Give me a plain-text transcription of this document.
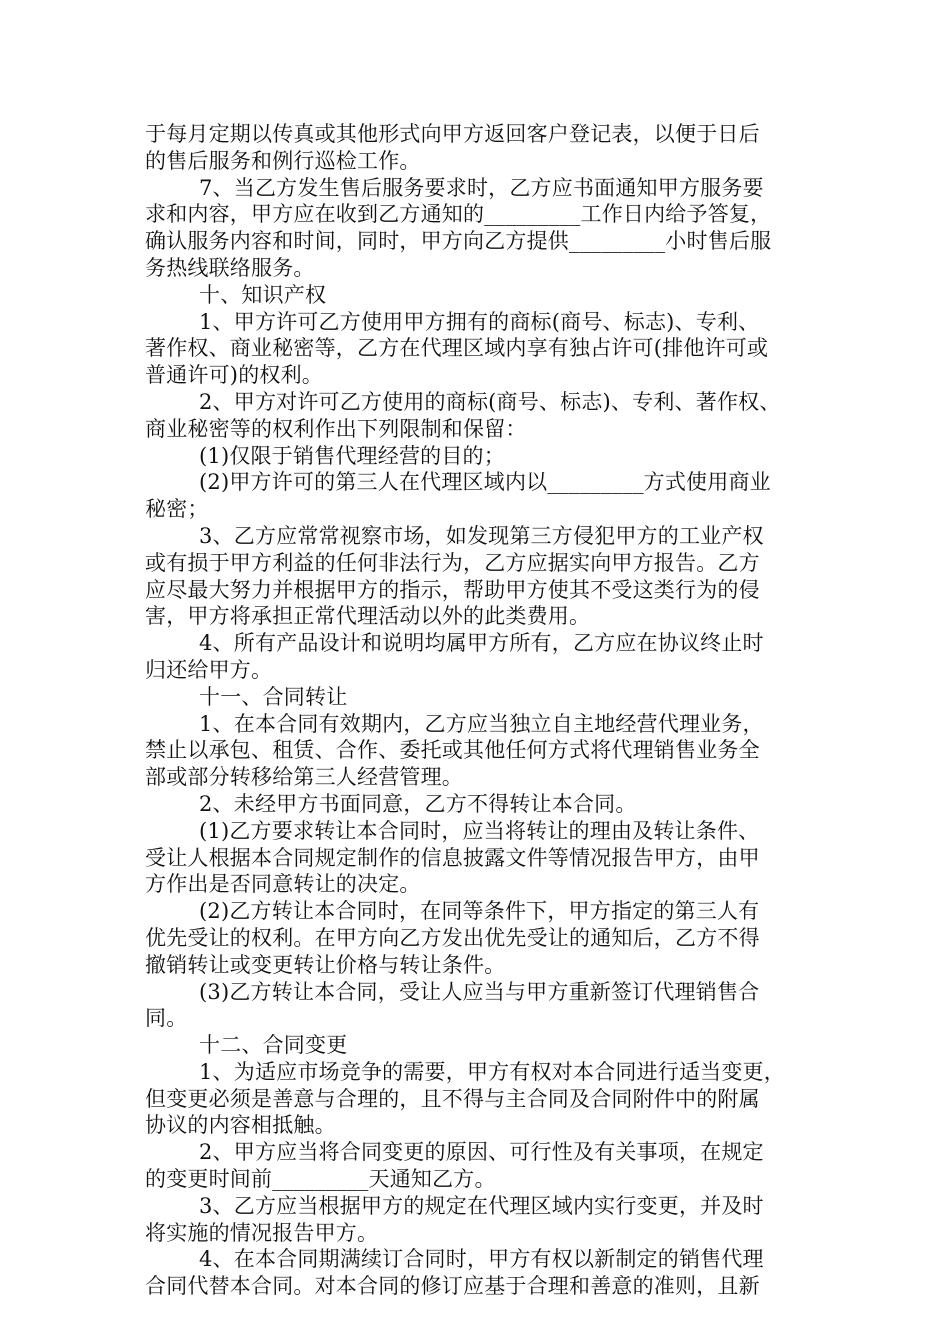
于每月定期以传真或其他形式向甲方返回客户登记表，以便于日后
的售后服务和例行巡检工作。
7、当乙方发生售后服务要求时，乙方应书面通知甲方服务要
求和内容，甲方应在收到乙方通知的_________工作日内给予答复，
确认服务内容和时间，同时，甲方向乙方提供_________小时售后服
务热线联络服务。
十、知识产权
1、甲方许可乙方使用甲方拥有的商标(商号、标志)、专利、
著作权、商业秘密等，乙方在代理区域内享有独占许可(排他许可或
普通许可)的权利。
2、甲方对许可乙方使用的商标(商号、标志)、专利、著作权、
商业秘密等的权利作出下列限制和保留：
(1)仅限于销售代理经营的目的；
(2)甲方许可的第三人在代理区域内以_________方式使用商业
秘密；
3、乙方应常常视察市场，如发现第三方侵犯甲方的工业产权
或有损于甲方利益的任何非法行为，乙方应据实向甲方报告。乙方
应尽最大努力并根据甲方的指示，帮助甲方使其不受这类行为的侵
害，甲方将承担正常代理活动以外的此类费用。
4、所有产品设计和说明均属甲方所有，乙方应在协议终止时
归还给甲方。
十一、合同转让
1、在本合同有效期内，乙方应当独立自主地经营代理业务，
禁止以承包、租赁、合作、委托或其他任何方式将代理销售业务全
部或部分转移给第三人经营管理。
2、未经甲方书面同意，乙方不得转让本合同。
(1)乙方要求转让本合同时，应当将转让的理由及转让条件、
受让人根据本合同规定制作的信息披露文件等情况报告甲方，由甲
方作出是否同意转让的决定。
(2)乙方转让本合同时，在同等条件下，甲方指定的第三人有
优先受让的权利。在甲方向乙方发出优先受让的通知后，乙方不得
撤销转让或变更转让价格与转让条件。
(3)乙方转让本合同，受让人应当与甲方重新签订代理销售合
同。
十二、合同变更
1、为适应市场竞争的需要，甲方有权对本合同进行适当变更，
但变更必须是善意与合理的，且不得与主合同及合同附件中的附属
协议的内容相抵触。
2、甲方应当将合同变更的原因、可行性及有关事项，在规定
的变更时间前_________天通知乙方。
3、乙方应当根据甲方的规定在代理区域内实行变更，并及时
将实施的情况报告甲方。
4、在本合同期满续订合同时，甲方有权以新制定的销售代理
合同代替本合同。对本合同的修订应基于合理和善意的准则，且新
